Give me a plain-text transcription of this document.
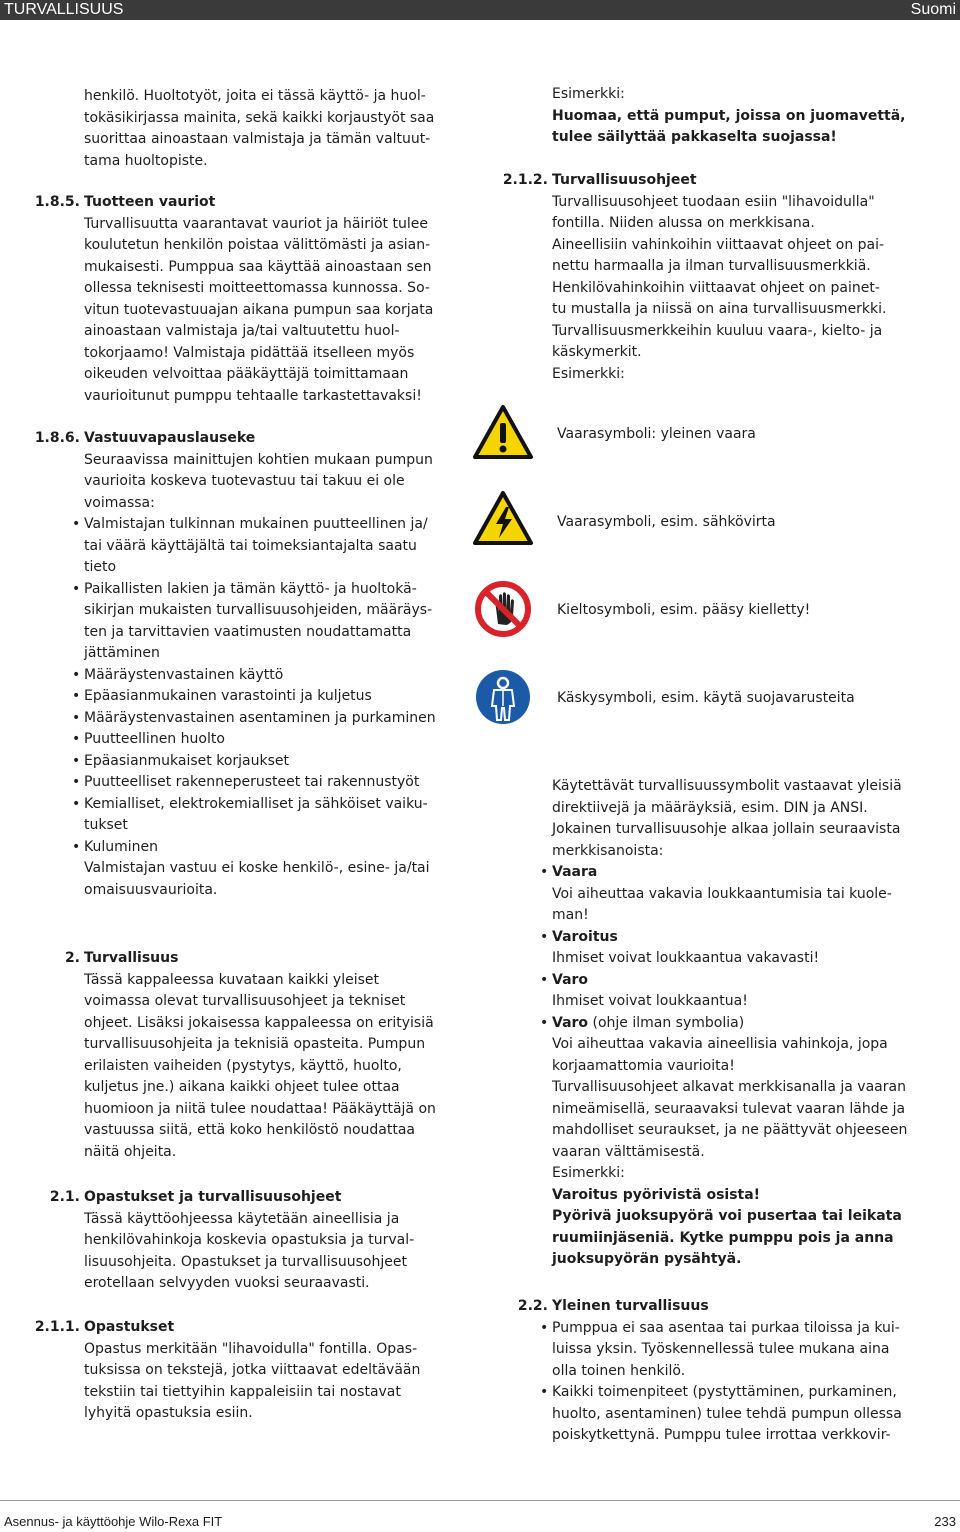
TURVALLISUUS	Suomi

henkilö. Huoltotyöt, joita ei tässä käyttö- ja huol-

tokäsikirjassa mainita, sekä kaikki korjaustyöt saa

suorittaa ainoastaan valmistaja ja tämän valtuut-

tama huoltopiste.

1.8.5. Tuotteen vauriot

Turvallisuutta vaarantavat vauriot ja häiriöt tulee

koulutetun henkilön poistaa välittömästi ja asian-

mukaisesti. Pumppua saa käyttää ainoastaan sen

ollessa teknisesti moitteettomassa kunnossa. So-

vitun tuotevastuuajan aikana pumpun saa korjata

ainoastaan valmistaja ja/tai valtuutettu huol-

tokorjaamo! Valmistaja pidättää itselleen myös

oikeuden velvoittaa pääkäyttäjä toimittamaan

vaurioitunut pumppu tehtaalle tarkastettavaksi!

1.8.6. Vastuuvapauslauseke

Seuraavissa mainittujen kohtien mukaan pumpun

vaurioita koskeva tuotevastuu tai takuu ei ole

voimassa:

• Valmistajan tulkinnan mukainen puutteellinen ja/

tai väärä käyttäjältä tai toimeksiantajalta saatu

tieto

• Paikallisten lakien ja tämän käyttö- ja huoltokä-

sikirjan mukaisten turvallisuusohjeiden, määräys-

ten ja tarvittavien vaatimusten noudattamatta

jättäminen

• Määräystenvastainen käyttö

• Epäasianmukainen varastointi ja kuljetus

• Määräystenvastainen asentaminen ja purkaminen

• Puutteellinen huolto

• Epäasianmukaiset korjaukset

• Puutteelliset rakenneperusteet tai rakennustyöt

• Kemialliset, elektrokemialliset ja sähköiset vaiku-

tukset

• Kuluminen

Valmistajan vastuu ei koske henkilö-, esine- ja/tai

omaisuusvaurioita.

2. Turvallisuus

Tässä kappaleessa kuvataan kaikki yleiset

voimassa olevat turvallisuusohjeet ja tekniset

ohjeet. Lisäksi jokaisessa kappaleessa on erityisiä

turvallisuusohjeita ja teknisiä opasteita. Pumpun

erilaisten vaiheiden (pystytys, käyttö, huolto,

kuljetus jne.) aikana kaikki ohjeet tulee ottaa

huomioon ja niitä tulee noudattaa! Pääkäyttäjä on

vastuussa siitä, että koko henkilöstö noudattaa

näitä ohjeita.

2.1. Opastukset ja turvallisuusohjeet

Tässä käyttöohjeessa käytetään aineellisia ja

henkilövahinkoja koskevia opastuksia ja turval-

lisuusohjeita. Opastukset ja turvallisuusohjeet

erotellaan selvyyden vuoksi seuraavasti.

2.1.1. Opastukset

Opastus merkitään "lihavoidulla" fontilla. Opas-

tuksissa on tekstejä, jotka viittaavat edeltävään

tekstiin tai tiettyihin kappaleisiin tai nostavat

lyhyitä opastuksia esiin.

Esimerkki:

Huomaa, että pumput, joissa on juomavettä,

tulee säilyttää pakkaselta suojassa!

2.1.2. Turvallisuusohjeet

Turvallisuusohjeet tuodaan esiin "lihavoidulla"

fontilla. Niiden alussa on merkkisana.

Aineellisiin vahinkoihin viittaavat ohjeet on pai-

nettu harmaalla ja ilman turvallisuusmerkkiä.

Henkilövahinkoihin viittaavat ohjeet on painet-

tu mustalla ja niissä on aina turvallisuusmerkki.

Turvallisuusmerkkeihin kuuluu vaara-, kielto- ja

käskymerkit.

Esimerkki:

Vaarasymboli: yleinen vaara
Vaarasymboli, esim. sähkövirta
Kieltosymboli, esim. pääsy kielletty!
Käskysymboli, esim. käytä suojavarusteita

Käytettävät turvallisuussymbolit vastaavat yleisiä

direktiivejä ja määräyksiä, esim. DIN ja ANSI.

Jokainen turvallisuusohje alkaa jollain seuraavista

merkkisanoista:

• Vaara

Voi aiheuttaa vakavia loukkaantumisia tai kuole-

man!

• Varoitus

Ihmiset voivat loukkaantua vakavasti!

• Varo

Ihmiset voivat loukkaantua!

• Varo (ohje ilman symbolia)

Voi aiheuttaa vakavia aineellisia vahinkoja, jopa

korjaamattomia vaurioita!

Turvallisuusohjeet alkavat merkkisanalla ja vaaran

nimeämisellä, seuraavaksi tulevat vaaran lähde ja

mahdolliset seuraukset, ja ne päättyvät ohjeeseen

vaaran välttämisestä.

Esimerkki:

Varoitus pyörivistä osista!

Pyörivä juoksupyörä voi pusertaa tai leikata

ruumiinjäseniä. Kytke pumppu pois ja anna

juoksupyörän pysähtyä.

2.2. Yleinen turvallisuus

• Pumppua ei saa asentaa tai purkaa tiloissa ja kui-

luissa yksin. Työskennellessä tulee mukana aina

olla toinen henkilö.

• Kaikki toimenpiteet (pystyttäminen, purkaminen,

huolto, asentaminen) tulee tehdä pumpun ollessa

poiskytkettynä. Pumppu tulee irrottaa verkkovir-

Asennus- ja käyttöohje Wilo-Rexa FIT	233
